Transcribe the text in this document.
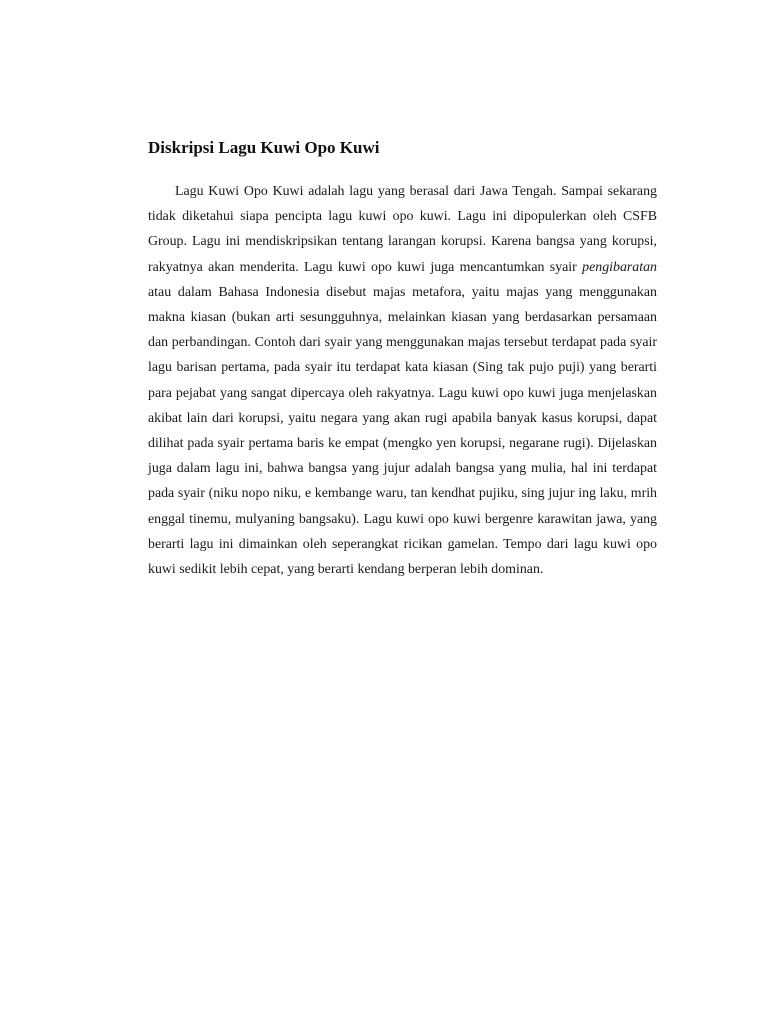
Diskripsi Lagu Kuwi Opo Kuwi

Lagu Kuwi Opo Kuwi adalah lagu yang berasal dari Jawa Tengah. Sampai sekarang tidak diketahui siapa pencipta lagu kuwi opo kuwi. Lagu ini dipopulerkan oleh CSFB Group. Lagu ini mendiskripsikan tentang larangan korupsi. Karena bangsa yang korupsi, rakyatnya akan menderita. Lagu kuwi opo kuwi juga mencantumkan syair pengibaratan atau dalam Bahasa Indonesia disebut majas metafora, yaitu majas yang menggunakan makna kiasan (bukan arti sesungguhnya, melainkan kiasan yang berdasarkan persamaan dan perbandingan. Contoh dari syair yang menggunakan majas tersebut terdapat pada syair lagu barisan pertama, pada syair itu terdapat kata kiasan (Sing tak pujo puji) yang berarti para pejabat yang sangat dipercaya oleh rakyatnya. Lagu kuwi opo kuwi juga menjelaskan akibat lain dari korupsi, yaitu negara yang akan rugi apabila banyak kasus korupsi, dapat dilihat pada syair pertama baris ke empat (mengko yen korupsi, negarane rugi). Dijelaskan juga dalam lagu ini, bahwa bangsa yang jujur adalah bangsa yang mulia, hal ini terdapat pada syair (niku nopo niku, e kembange waru, tan kendhat pujiku, sing jujur ing laku, mrih enggal tinemu, mulyaning bangsaku). Lagu kuwi opo kuwi bergenre karawitan jawa, yang berarti lagu ini dimainkan oleh seperangkat ricikan gamelan. Tempo dari lagu kuwi opo kuwi sedikit lebih cepat, yang berarti kendang berperan lebih dominan.
